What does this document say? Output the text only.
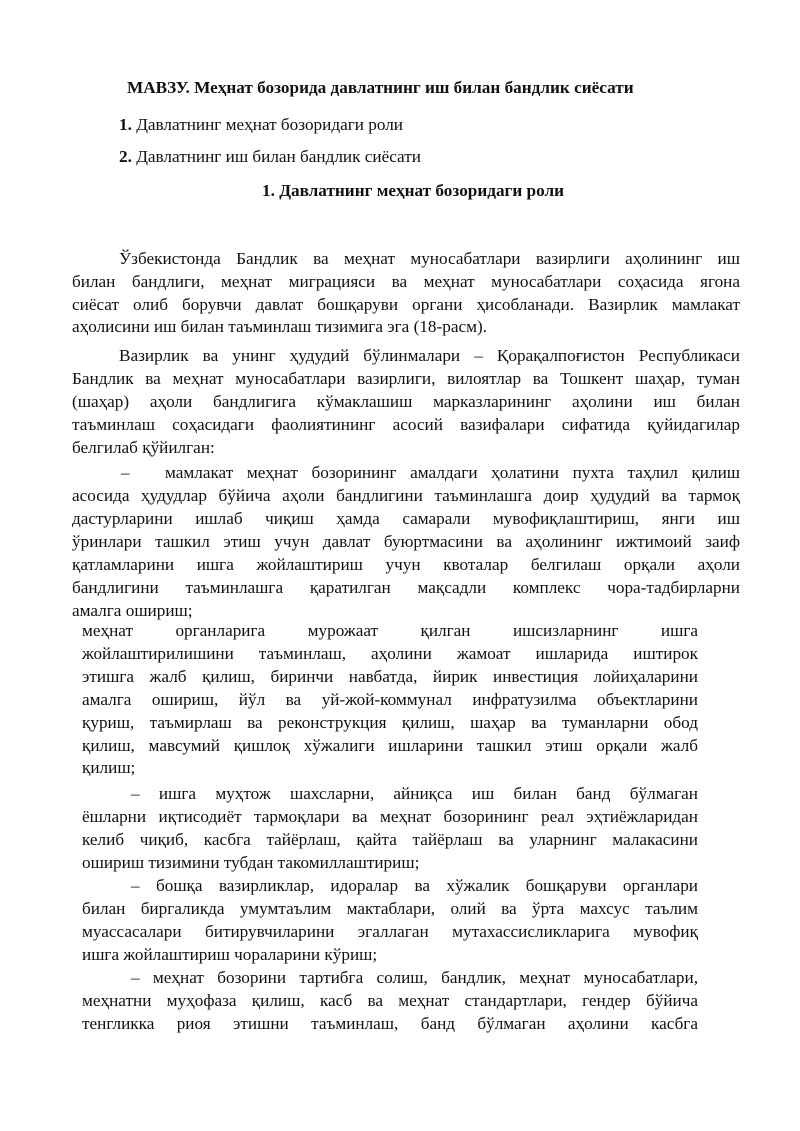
МАВЗУ. Меҳнат бозорида давлатнинг иш билан бандлик сиёсати
1. Давлатнинг меҳнат бозоридаги роли
2. Давлатнинг иш билан бандлик сиёсати
1. Давлатнинг меҳнат бозоридаги роли
Ўзбекистонда Бандлик ва меҳнат муносабатлари вазирлиги аҳолининг иш
билан бандлиги, меҳнат миграцияси ва меҳнат муносабатлари соҳасида ягона
сиёсат олиб борувчи давлат бошқаруви органи ҳисобланади. Вазирлик мамлакат
аҳолисини иш билан таъминлаш тизимига эга (18-расм).
Вазирлик ва унинг ҳудудий бўлинмалари – Қорақалпоғистон Республикаси
Бандлик ва меҳнат муносабатлари вазирлиги, вилоятлар ва Тошкент шаҳар, туман
(шаҳар) аҳоли бандлигига кўмаклашиш марказларининг аҳолини иш билан
таъминлаш соҳасидаги фаолиятининг асосий вазифалари сифатида қуйидагилар
белгилаб қўйилган:
– мамлакат меҳнат бозорининг амалдаги ҳолатини пухта таҳлил қилиш
асосида ҳудудлар бўйича аҳоли бандлигини таъминлашга доир ҳудудий ва тармоқ
дастурларини ишлаб чиқиш ҳамда самарали мувофиқлаштириш, янги иш
ўринлари ташкил этиш учун давлат буюртмасини ва аҳолининг ижтимоий заиф
қатламларини ишга жойлаштириш учун квоталар белгилаш орқали аҳоли
бандлигини таъминлашга қаратилган мақсадли комплекс чора-тадбирларни
амалга ошириш;
меҳнат органларига мурожаат қилган ишсизларнинг ишга
жойлаштирилишини таъминлаш, аҳолини жамоат ишларида иштирок
этишга жалб қилиш, биринчи навбатда, йирик инвестиция лойиҳаларини
амалга ошириш, йўл ва уй-жой-коммунал инфратузилма объектларини
қуриш, таъмирлаш ва реконструкция қилиш, шаҳар ва туманларни обод
қилиш, мавсумий қишлоқ хўжалиги ишларини ташкил этиш орқали жалб
қилиш;
– ишга муҳтож шахсларни, айниқса иш билан банд бўлмаган
ёшларни иқтисодиёт тармоқлари ва меҳнат бозорининг реал эҳтиёжларидан
келиб чиқиб, касбга тайёрлаш, қайта тайёрлаш ва уларнинг малакасини
ошириш тизимини тубдан такомиллаштириш;
– бошқа вазирликлар, идоралар ва хўжалик бошқаруви органлари
билан биргаликда умумтаълим мактаблари, олий ва ўрта махсус таълим
муассасалари битирувчиларини эгаллаган мутахассисликларига мувофиқ
ишга жойлаштириш чораларини кўриш;
– меҳнат бозорини тартибга солиш, бандлик, меҳнат муносабатлари,
меҳнатни муҳофаза қилиш, касб ва меҳнат стандартлари, гендер бўйича
тенгликка риоя этишни таъминлаш, банд бўлмаган аҳолини касбга
